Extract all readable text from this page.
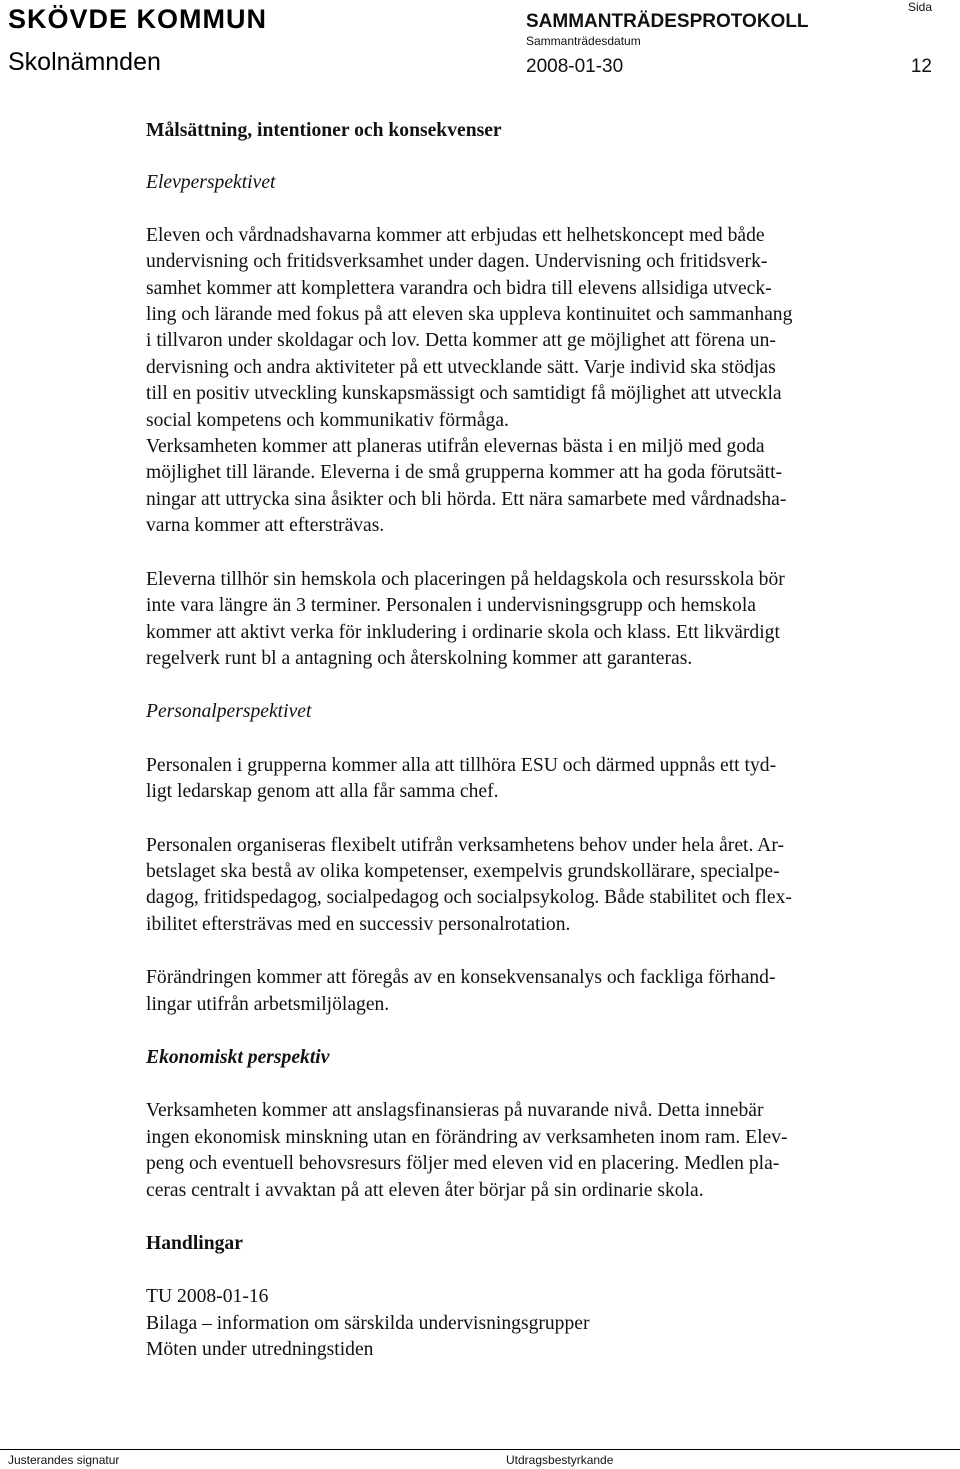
SKÖVDE KOMMUN
Skolnämnden
SAMMANTRÄDESPROTOKOLL
Sammanträdesdatum
2008-01-30
Sida
12

Målsättning, intentioner och konsekvenser

Elevperspektivet

Eleven och vårdnadshavarna kommer att erbjudas ett helhetskoncept med både
undervisning och fritidsverksamhet under dagen. Undervisning och fritidsverk-
samhet kommer att komplettera varandra och bidra till elevens allsidiga utveck-
ling och lärande med fokus på att eleven ska uppleva kontinuitet och sammanhang
i tillvaron under skoldagar och lov. Detta kommer att ge möjlighet att förena un-
dervisning och andra aktiviteter på ett utvecklande sätt. Varje individ ska stödjas
till en positiv utveckling kunskapsmässigt och samtidigt få möjlighet att utveckla
social kompetens och kommunikativ förmåga.
Verksamheten kommer att planeras utifrån elevernas bästa i en miljö med goda
möjlighet till lärande. Eleverna i de små grupperna kommer att ha goda förutsätt-
ningar att uttrycka sina åsikter och bli hörda. Ett nära samarbete med vårdnadsha-
varna kommer att eftersträvas.

Eleverna tillhör sin hemskola och placeringen på heldagskola och resursskola bör
inte vara längre än 3 terminer. Personalen i undervisningsgrupp och hemskola
kommer att aktivt verka för inkludering i ordinarie skola och klass. Ett likvärdigt
regelverk runt bl a antagning och återskolning kommer att garanteras.

Personalperspektivet

Personalen i grupperna kommer alla att tillhöra ESU och därmed uppnås ett tyd-
ligt ledarskap genom att alla får samma chef.

Personalen organiseras flexibelt utifrån verksamhetens behov under hela året. Ar-
betslaget ska bestå av olika kompetenser, exempelvis grundskollärare, specialpe-
dagog, fritidspedagog, socialpedagog och socialpsykolog. Både stabilitet och flex-
ibilitet eftersträvas med en successiv personalrotation.

Förändringen kommer att föregås av en konsekvensanalys och fackliga förhand-
lingar utifrån arbetsmiljölagen.

Ekonomiskt perspektiv

Verksamheten kommer att anslagsfinansieras på nuvarande nivå. Detta innebär
ingen ekonomisk minskning utan en förändring av verksamheten inom ram. Elev-
peng och eventuell behovsresurs följer med eleven vid en placering. Medlen pla-
ceras centralt i avvaktan på att eleven åter börjar på sin ordinarie skola.

Handlingar

TU 2008-01-16

Bilaga – information om särskilda undervisningsgrupper

Möten under utredningstiden

Justerandes signatur	Utdragsbestyrkande
